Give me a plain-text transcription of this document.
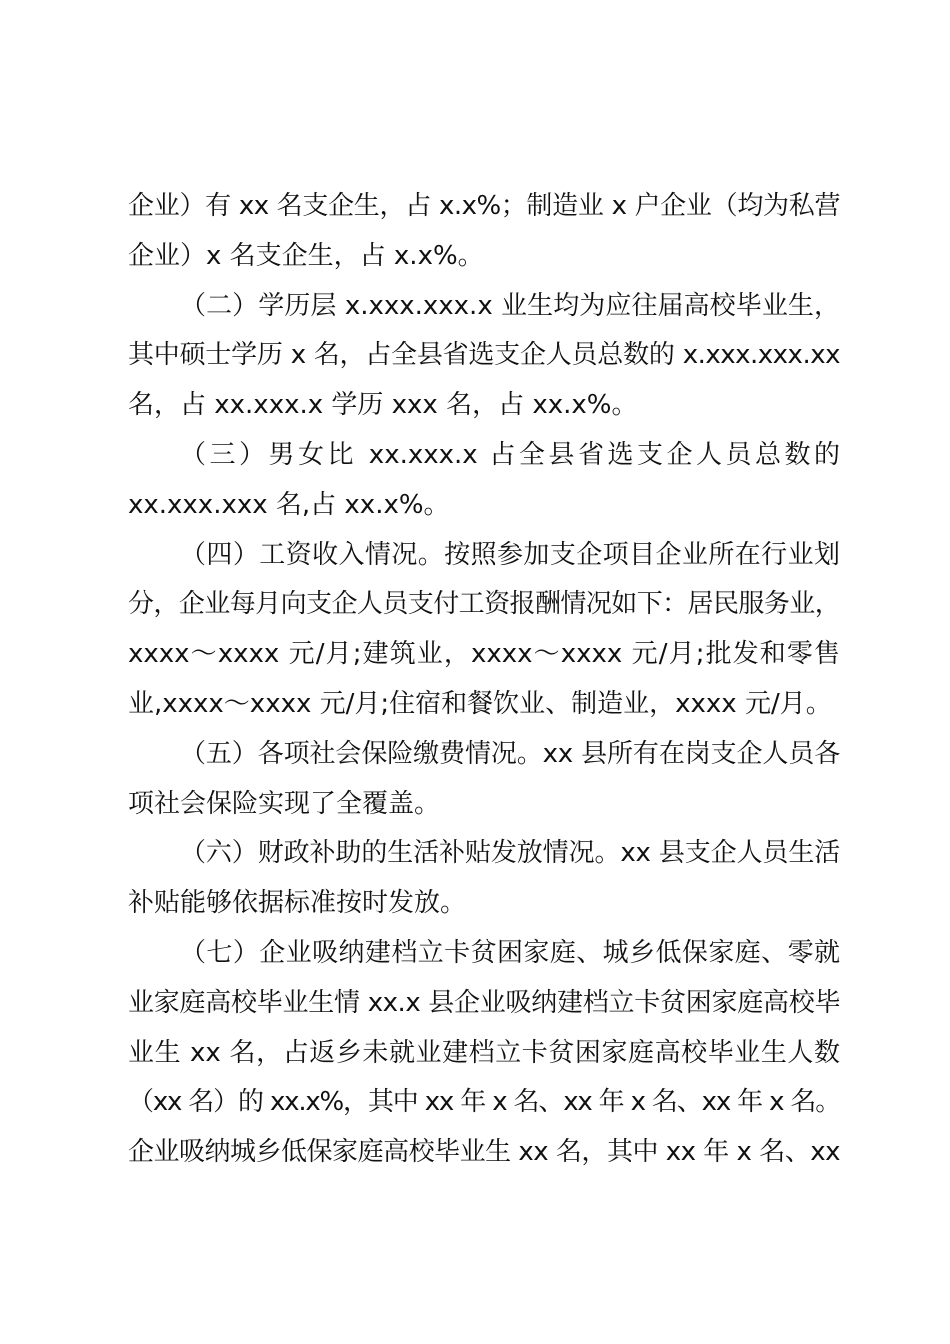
企业）有 xx 名支企生，占 x.x%；制造业 x 户企业（均为私营
企业）x 名支企生，占 x.x%。
（二）学历层 x.xxx.xxx.x 业生均为应往届高校毕业生，
其中硕士学历 x 名，占全县省选支企人员总数的 x.xxx.xxx.xx
名，占 xx.xxx.x 学历 xxx 名，占 xx.x%。
（三）男女比 xx.xxx.x 占全县省选支企人员总数的
xx.xxx.xxx 名,占 xx.x%。
（四）工资收入情况。按照参加支企项目企业所在行业划
分，企业每月向支企人员支付工资报酬情况如下：居民服务业，
xxxx～xxxx 元/月;建筑业，xxxx～xxxx 元/月;批发和零售
业,xxxx～xxxx 元/月;住宿和餐饮业、制造业，xxxx 元/月。
（五）各项社会保险缴费情况。xx 县所有在岗支企人员各
项社会保险实现了全覆盖。
（六）财政补助的生活补贴发放情况。xx 县支企人员生活
补贴能够依据标准按时发放。
（七）企业吸纳建档立卡贫困家庭、城乡低保家庭、零就
业家庭高校毕业生情 xx.x 县企业吸纳建档立卡贫困家庭高校毕
业生 xx 名，占返乡未就业建档立卡贫困家庭高校毕业生人数
（xx 名）的 xx.x%，其中 xx 年 x 名、xx 年 x 名、xx 年 x 名。
企业吸纳城乡低保家庭高校毕业生 xx 名，其中 xx 年 x 名、xx
